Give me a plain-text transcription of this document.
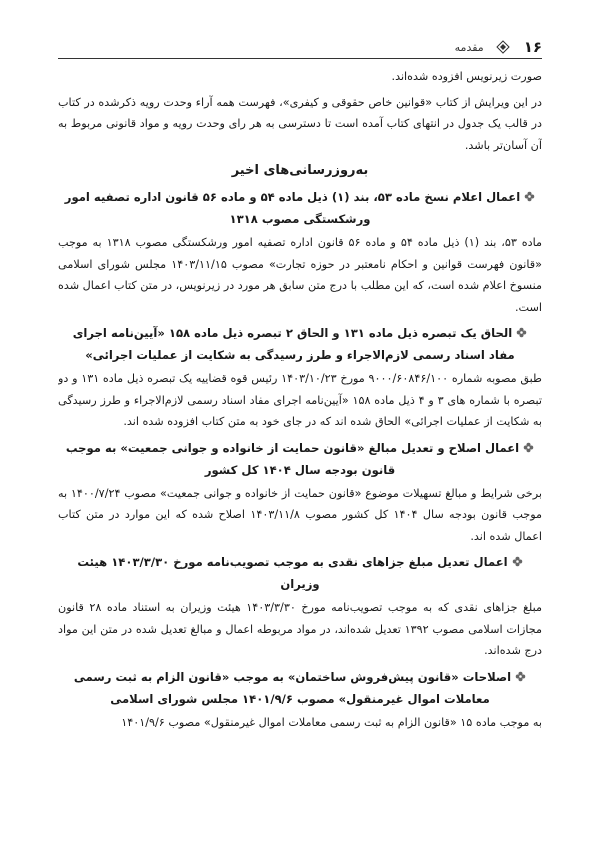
۱۶
مقدمه

صورت زیرنویس افزوده شده‌اند.

در این ویرایش از کتاب «قوانین خاص حقوقی و کیفری»، فهرست همه آراء وحدت رویه ذکرشده در کتاب در قالب یک جدول در انتهای کتاب آمده است تا دسترسی به هر رای وحدت رویه و مواد قانونی مربوط به آن آسان‌تر باشد.

به‌روزرسانی‌های اخیر
اعمال اعلام نسخ ماده ۵۳، بند (۱) ذیل ماده ۵۴ و ماده ۵۶ قانون اداره تصفیه امور ورشکستگی مصوب ۱۳۱۸

ماده ۵۳، بند (۱) ذیل ماده ۵۴ و ماده ۵۶ قانون اداره تصفیه امور ورشکستگی مصوب ۱۳۱۸ به موجب «قانون فهرست قوانین و احکام نامعتبر در حوزه تجارت» مصوب ۱۴۰۳/۱۱/۱۵ مجلس شورای اسلامی منسوخ اعلام شده است، که این مطلب با درج متن سابق هر مورد در زیرنویس، در متن کتاب اعمال شده است.

الحاق یک تبصره ذیل ماده ۱۳۱ و الحاق ۲ تبصره ذیل ماده ۱۵۸ «آیین‌نامه اجرای مفاد اسناد رسمی لازم‌الاجراء و طرز رسیدگی به شکایت از عملیات اجرائی»

طبق مصوبه شماره ۹۰۰۰/۶۰۸۴۶/۱۰۰ مورخ ۱۴۰۳/۱۰/۲۳ رئیس قوه قضاییه یک تبصره ذیل ماده ۱۳۱ و دو تبصره با شماره های ۳ و ۴ ذیل ماده ۱۵۸ «آیین‌نامه اجرای مفاد اسناد رسمی لازم‌الاجراء و طرز رسیدگی به شکایت از عملیات اجرائی» الحاق شده اند که در جای خود به متن کتاب افزوده شده اند.

اعمال اصلاح و تعدیل مبالغ «قانون حمایت از خانواده و جوانی جمعیت» به موجب قانون بودجه سال ۱۴۰۴ کل کشور

برخی شرایط و مبالغ تسهیلات موضوع «قانون حمایت از خانواده و جوانی جمعیت» مصوب ۱۴۰۰/۷/۲۴ به موجب قانون بودجه سال ۱۴۰۴ کل کشور مصوب ۱۴۰۳/۱۱/۸ اصلاح شده که این موارد در متن کتاب اعمال شده اند.

اعمال تعدیل مبلغ جزاهای نقدی به موجب تصویب‌نامه مورخ ۱۴۰۳/۳/۳۰ هیئت وزیران

مبلغ جزاهای نقدی که به موجب تصویب‌نامه مورخ ۱۴۰۳/۳/۳۰ هیئت وزیران به استناد ماده ۲۸ قانون مجازات اسلامی مصوب ۱۳۹۲ تعدیل شده‌اند، در مواد مربوطه اعمال و مبالغ تعدیل شده در متن این مواد درج شده‌اند.

اصلاحات «قانون پیش‌فروش ساختمان» به موجب «قانون الزام به ثبت رسمی معاملات اموال غیرمنقول» مصوب ۱۴۰۱/۹/۶ مجلس شورای اسلامی

به موجب ماده ۱۵ «قانون الزام به ثبت رسمی معاملات اموال غیرمنقول» مصوب ۱۴۰۱/۹/۶
